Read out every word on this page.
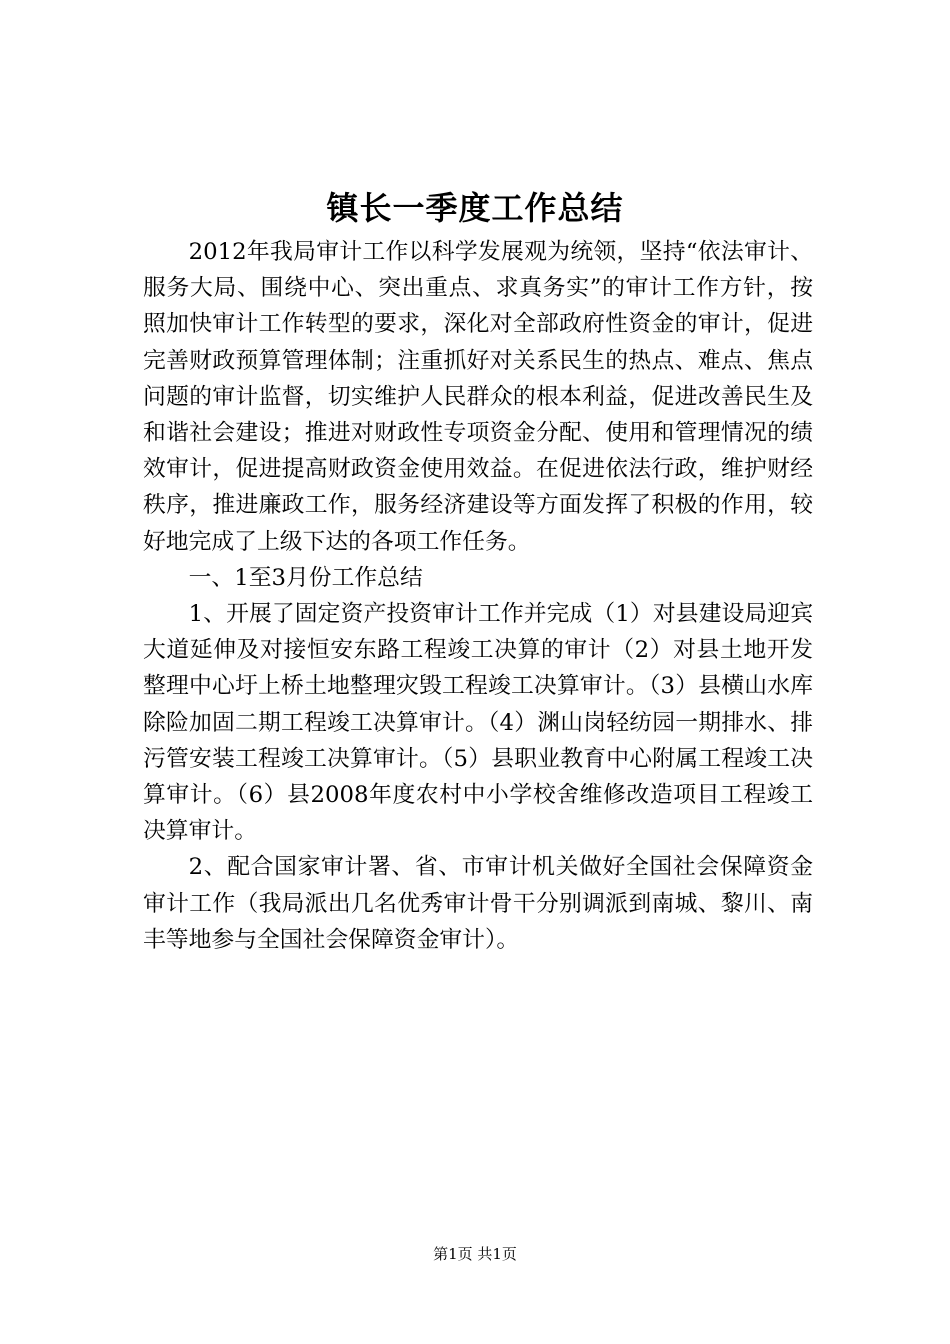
镇长一季度工作总结

2012年我局审计工作以科学发展观为统领，坚持“依法审计、服务大局、围绕中心、突出重点、求真务实”的审计工作方针，按照加快审计工作转型的要求，深化对全部政府性资金的审计，促进完善财政预算管理体制；注重抓好对关系民生的热点、难点、焦点问题的审计监督，切实维护人民群众的根本利益，促进改善民生及和谐社会建设；推进对财政性专项资金分配、使用和管理情况的绩效审计，促进提高财政资金使用效益。在促进依法行政，维护财经秩序，推进廉政工作，服务经济建设等方面发挥了积极的作用，较好地完成了上级下达的各项工作任务。

一、1至3月份工作总结

1、开展了固定资产投资审计工作并完成（1）对县建设局迎宾大道延伸及对接恒安东路工程竣工决算的审计（2）对县土地开发整理中心圩上桥土地整理灾毁工程竣工决算审计。（3）县横山水库除险加固二期工程竣工决算审计。（4）渊山岗轻纺园一期排水、排污管安装工程竣工决算审计。（5）县职业教育中心附属工程竣工决算审计。（6）县2008年度农村中小学校舍维修改造项目工程竣工决算审计。

2、配合国家审计署、省、市审计机关做好全国社会保障资金审计工作（我局派出几名优秀审计骨干分别调派到南城、黎川、南丰等地参与全国社会保障资金审计）。

第1页 共1页
